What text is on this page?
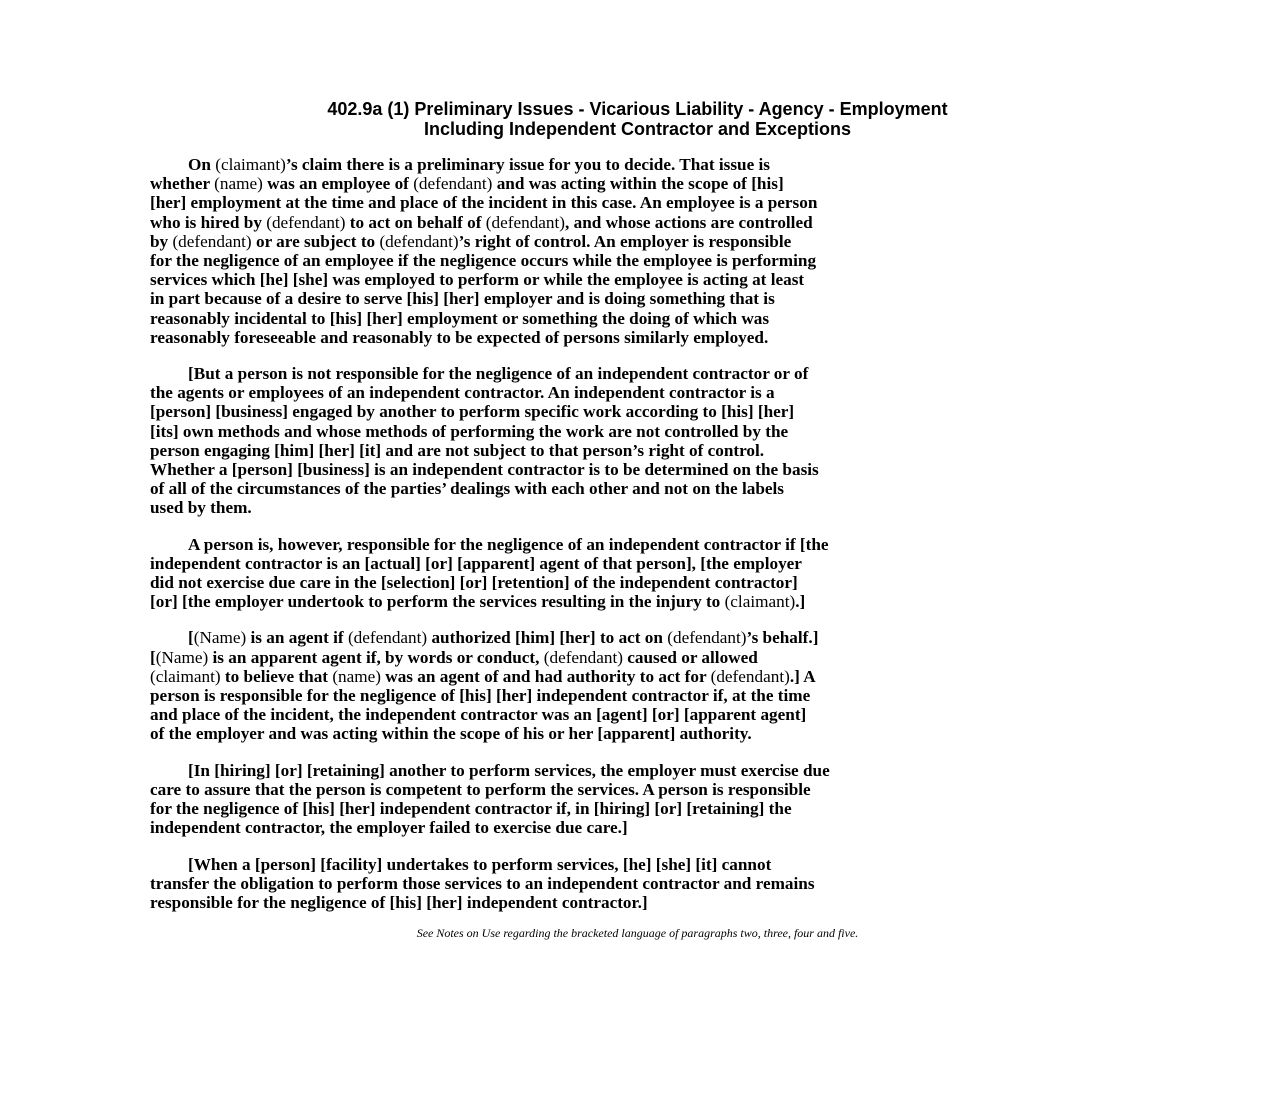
402.9a (1) Preliminary Issues - Vicarious Liability - Agency - Employment
Including Independent Contractor and Exceptions

On (claimant)’s claim there is a preliminary issue for you to decide. That issue is
whether (name) was an employee of (defendant) and was acting within the scope of [his]
[her] employment at the time and place of the incident in this case. An employee is a person
who is hired by (defendant) to act on behalf of (defendant), and whose actions are controlled
by (defendant) or are subject to (defendant)’s right of control. An employer is responsible
for the negligence of an employee if the negligence occurs while the employee is performing
services which [he] [she] was employed to perform or while the employee is acting at least
in part because of a desire to serve [his] [her] employer and is doing something that is
reasonably incidental to [his] [her] employment or something the doing of which was
reasonably foreseeable and reasonably to be expected of persons similarly employed.

[But a person is not responsible for the negligence of an independent contractor or of
the agents or employees of an independent contractor. An independent contractor is a
[person] [business] engaged by another to perform specific work according to [his] [her]
[its] own methods and whose methods of performing the work are not controlled by the
person engaging [him] [her] [it] and are not subject to that person’s right of control.
Whether a [person] [business] is an independent contractor is to be determined on the basis
of all of the circumstances of the parties’ dealings with each other and not on the labels
used by them.

A person is, however, responsible for the negligence of an independent contractor if [the
independent contractor is an [actual] [or] [apparent] agent of that person], [the employer
did not exercise due care in the [selection] [or] [retention] of the independent contractor]
[or] [the employer undertook to perform the services resulting in the injury to (claimant).]

[(Name) is an agent if (defendant) authorized [him] [her] to act on (defendant)’s behalf.]
[(Name) is an apparent agent if, by words or conduct, (defendant) caused or allowed
(claimant) to believe that (name) was an agent of and had authority to act for (defendant).] A
person is responsible for the negligence of [his] [her] independent contractor if, at the time
and place of the incident, the independent contractor was an [agent] [or] [apparent agent]
of the employer and was acting within the scope of his or her [apparent] authority.

[In [hiring] [or] [retaining] another to perform services, the employer must exercise due
care to assure that the person is competent to perform the services. A person is responsible
for the negligence of [his] [her] independent contractor if, in [hiring] [or] [retaining] the
independent contractor, the employer failed to exercise due care.]

[When a [person] [facility] undertakes to perform services, [he] [she] [it] cannot
transfer the obligation to perform those services to an independent contractor and remains
responsible for the negligence of [his] [her] independent contractor.]

See Notes on Use regarding the bracketed language of paragraphs two, three, four and five.
